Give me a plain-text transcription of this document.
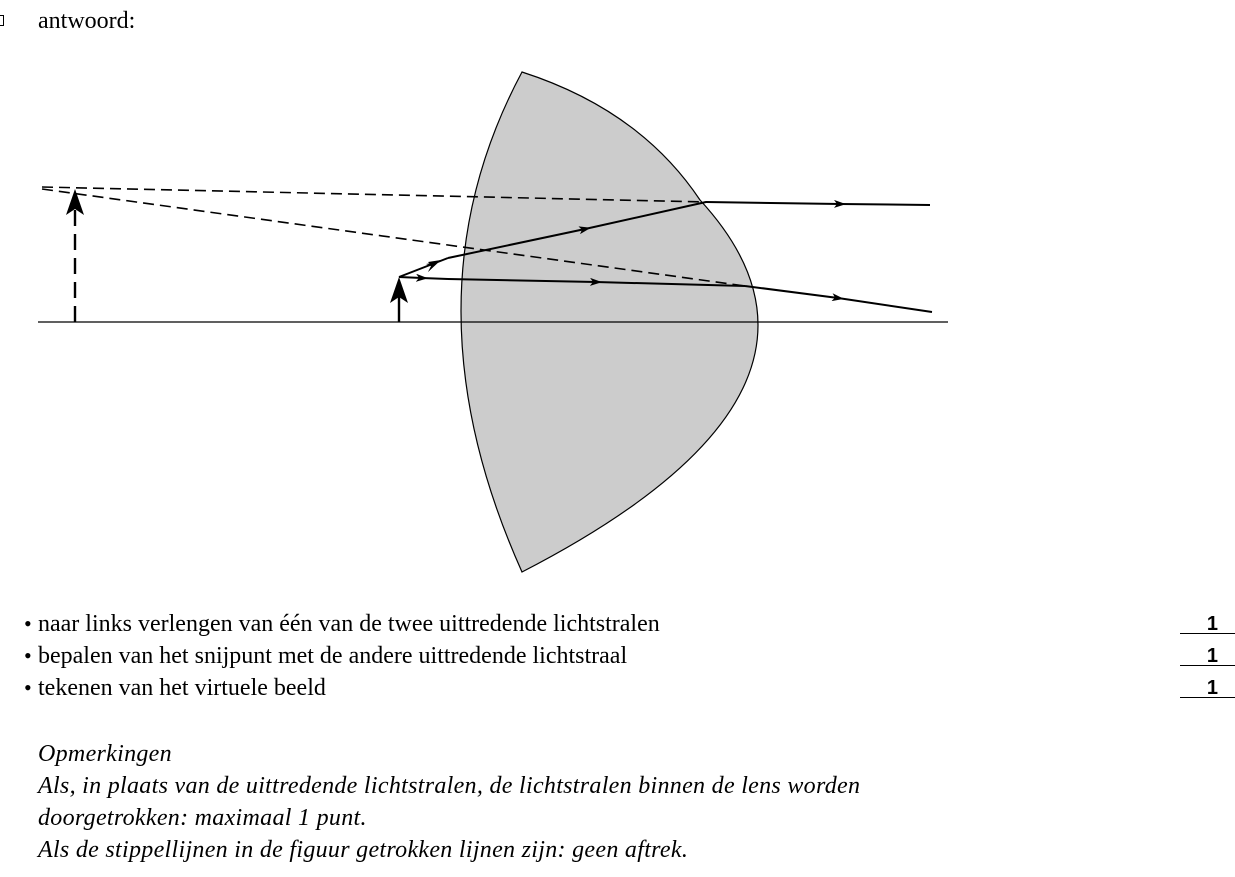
antwoord:
• naar links verlengen van één van de twee uittredende lichtstralen	1
• bepalen van het snijpunt met de andere uittredende lichtstraal	1
• tekenen van het virtuele beeld	1
Opmerkingen
Als, in plaats van de uittredende lichtstralen, de lichtstralen binnen de lens worden
doorgetrokken: maximaal 1 punt.
Als de stippellijnen in de figuur getrokken lijnen zijn: geen aftrek.
